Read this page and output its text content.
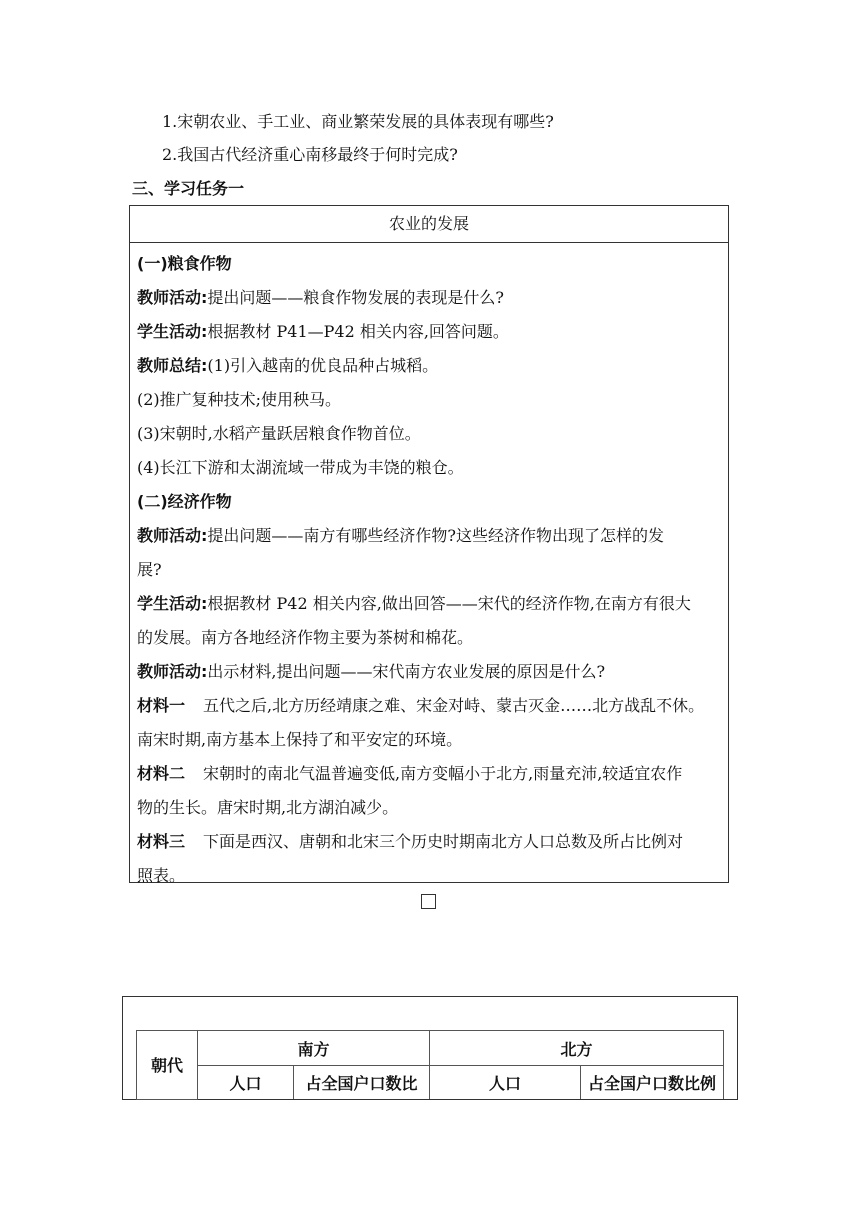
1.宋朝农业、手工业、商业繁荣发展的具体表现有哪些?
2.我国古代经济重心南移最终于何时完成?
三、学习任务一
农业的发展
(一)粮食作物
教师活动:提出问题——粮食作物发展的表现是什么?
学生活动:根据教材 P41—P42 相关内容,回答问题。
教师总结:(1)引入越南的优良品种占城稻。
(2)推广复种技术;使用秧马。
(3)宋朝时,水稻产量跃居粮食作物首位。
(4)长江下游和太湖流域一带成为丰饶的粮仓。
(二)经济作物
教师活动:提出问题——南方有哪些经济作物?这些经济作物出现了怎样的发
展?
学生活动:根据教材 P42 相关内容,做出回答——宋代的经济作物,在南方有很大
的发展。南方各地经济作物主要为茶树和棉花。
教师活动:出示材料,提出问题——宋代南方农业发展的原因是什么?
材料一 五代之后,北方历经靖康之难、宋金对峙、蒙古灭金……北方战乱不休。
南宋时期,南方基本上保持了和平安定的环境。
材料二 宋朝时的南北气温普遍变低,南方变幅小于北方,雨量充沛,较适宜农作
物的生长。唐宋时期,北方湖泊减少。
材料三 下面是西汉、唐朝和北宋三个历史时期南北方人口总数及所占比例对
照表。
朝代	南方		北方	
	人口	占全国户口数比	人口	占全国户口数比例
